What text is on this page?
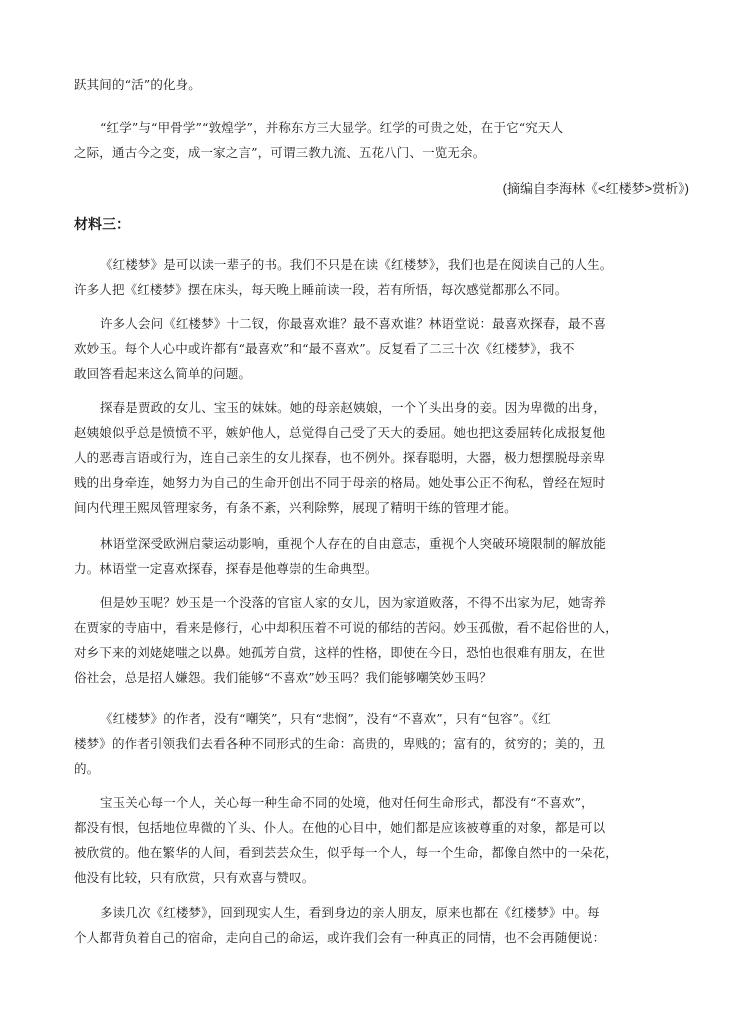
跃其间的“活”的化身。

“红学”与“甲骨学”“敦煌学”，并称东方三大显学。红学的可贵之处，在于它“究天人
之际，通古今之变，成一家之言”，可谓三教九流、五花八门、一览无余。

(摘编自李海林《<红楼梦>赏析》)

材料三：

《红楼梦》是可以读一辈子的书。我们不只是在读《红楼梦》，我们也是在阅读自己的人生。
许多人把《红楼梦》摆在床头，每天晚上睡前读一段，若有所悟，每次感觉都那么不同。

许多人会问《红楼梦》十二钗，你最喜欢谁？最不喜欢谁？林语堂说：最喜欢探春，最不喜
欢妙玉。每个人心中或许都有“最喜欢”和“最不喜欢”。反复看了二三十次《红楼梦》，我不
敢回答看起来这么简单的问题。

探春是贾政的女儿、宝玉的妹妹。她的母亲赵姨娘，一个丫头出身的妾。因为卑微的出身，
赵姨娘似乎总是愤愤不平，嫉妒他人，总觉得自己受了天大的委屈。她也把这委屈转化成报复他
人的恶毒言语或行为，连自己亲生的女儿探春，也不例外。探春聪明，大器，极力想摆脱母亲卑
贱的出身牵连，她努力为自己的生命开创出不同于母亲的格局。她处事公正不徇私，曾经在短时
间内代理王熙凤管理家务，有条不紊，兴利除弊，展现了精明干练的管理才能。

林语堂深受欧洲启蒙运动影响，重视个人存在的自由意志，重视个人突破环境限制的解放能
力。林语堂一定喜欢探春，探春是他尊崇的生命典型。

但是妙玉呢？妙玉是一个没落的官宦人家的女儿，因为家道败落，不得不出家为尼，她寄养
在贾家的寺庙中，看来是修行，心中却积压着不可说的郁结的苦闷。妙玉孤傲，看不起俗世的人，
对乡下来的刘姥姥嗤之以鼻。她孤芳自赏，这样的性格，即使在今日，恐怕也很难有朋友，在世
俗社会，总是招人嫌怨。我们能够“不喜欢”妙玉吗？我们能够嘲笑妙玉吗？

《红楼梦》的作者，没有“嘲笑”，只有“悲悯”，没有“不喜欢”，只有“包容”。《红
楼梦》的作者引领我们去看各种不同形式的生命：高贵的，卑贱的；富有的，贫穷的；美的，丑
的。

宝玉关心每一个人，关心每一种生命不同的处境，他对任何生命形式，都没有“不喜欢”，
都没有恨，包括地位卑微的丫头、仆人。在他的心目中，她们都是应该被尊重的对象，都是可以
被欣赏的。他在繁华的人间，看到芸芸众生，似乎每一个人，每一个生命，都像自然中的一朵花，
他没有比较，只有欣赏，只有欢喜与赞叹。

多读几次《红楼梦》，回到现实人生，看到身边的亲人朋友，原来也都在《红楼梦》中。每
个人都背负着自己的宿命，走向自己的命运，或许我们会有一种真正的同情，也不会再随便说：
